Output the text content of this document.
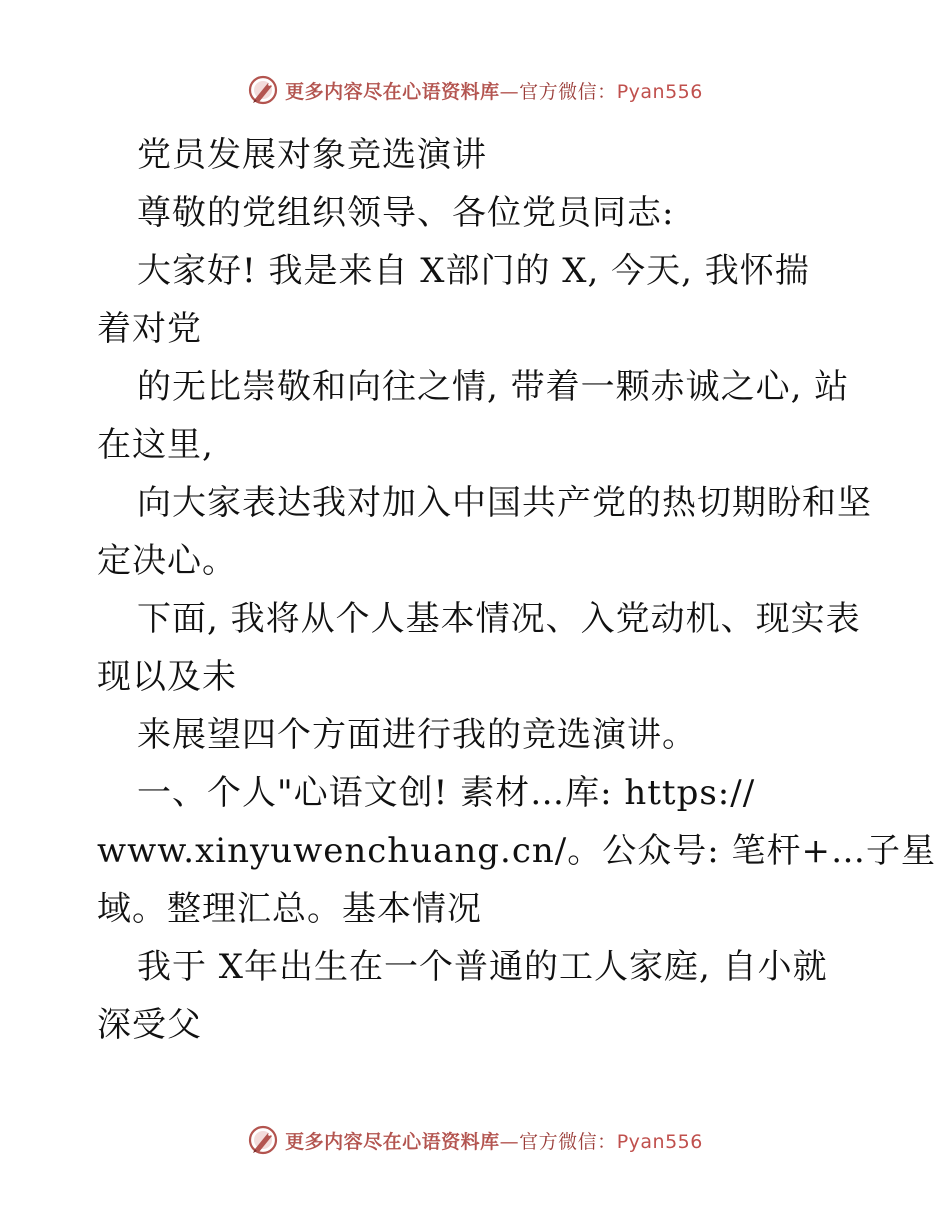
更多内容尽在心语资料库—官方微信：Pyan556
党员发展对象竞选演讲
尊敬的党组织领导、各位党员同志:
大家好! 我是来自 X部门的 X, 今天, 我怀揣
着对党
的无比崇敬和向往之情, 带着一颗赤诚之心, 站
在这里,
向大家表达我对加入中国共产党的热切期盼和坚
定决心。
下面, 我将从个人基本情况、入党动机、现实表
现以及未
来展望四个方面进行我的竞选演讲。
一、个人"心语文创! 素材…库: https://
www.xinyuwenchuang.cn/。公众号: 笔杆+…子星
域。整理汇总。基本情况
我于 X年出生在一个普通的工人家庭, 自小就
深受父
更多内容尽在心语资料库—官方微信：Pyan556
